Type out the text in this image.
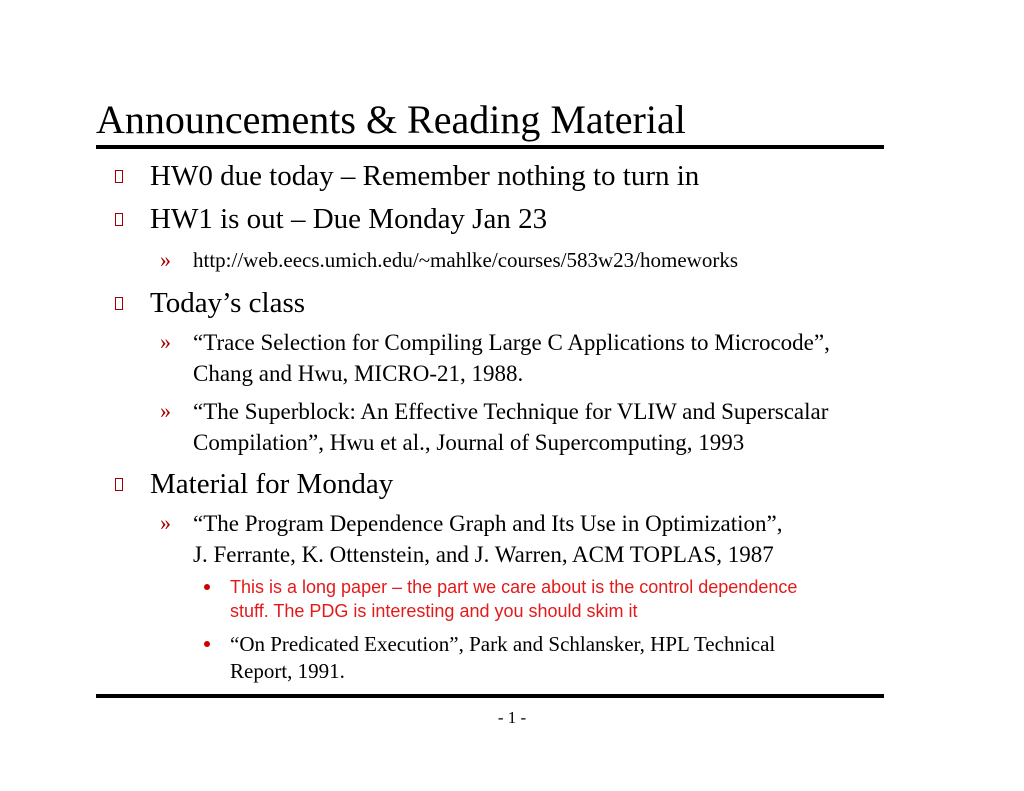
Announcements & Reading Material
HW0 due today – Remember nothing to turn in
HW1 is out – Due Monday Jan 23
» http://web.eecs.umich.edu/~mahlke/courses/583w23/homeworks
Today’s class
» “Trace Selection for Compiling Large C Applications to Microcode”,
Chang and Hwu, MICRO-21, 1988.
» “The Superblock: An Effective Technique for VLIW and Superscalar
Compilation”, Hwu et al., Journal of Supercomputing, 1993
Material for Monday
» “The Program Dependence Graph and Its Use in Optimization”,
J. Ferrante, K. Ottenstein, and J. Warren, ACM TOPLAS, 1987
This is a long paper – the part we care about is the control dependence
stuff. The PDG is interesting and you should skim it
“On Predicated Execution”, Park and Schlansker, HPL Technical
Report, 1991.
- 1 -
